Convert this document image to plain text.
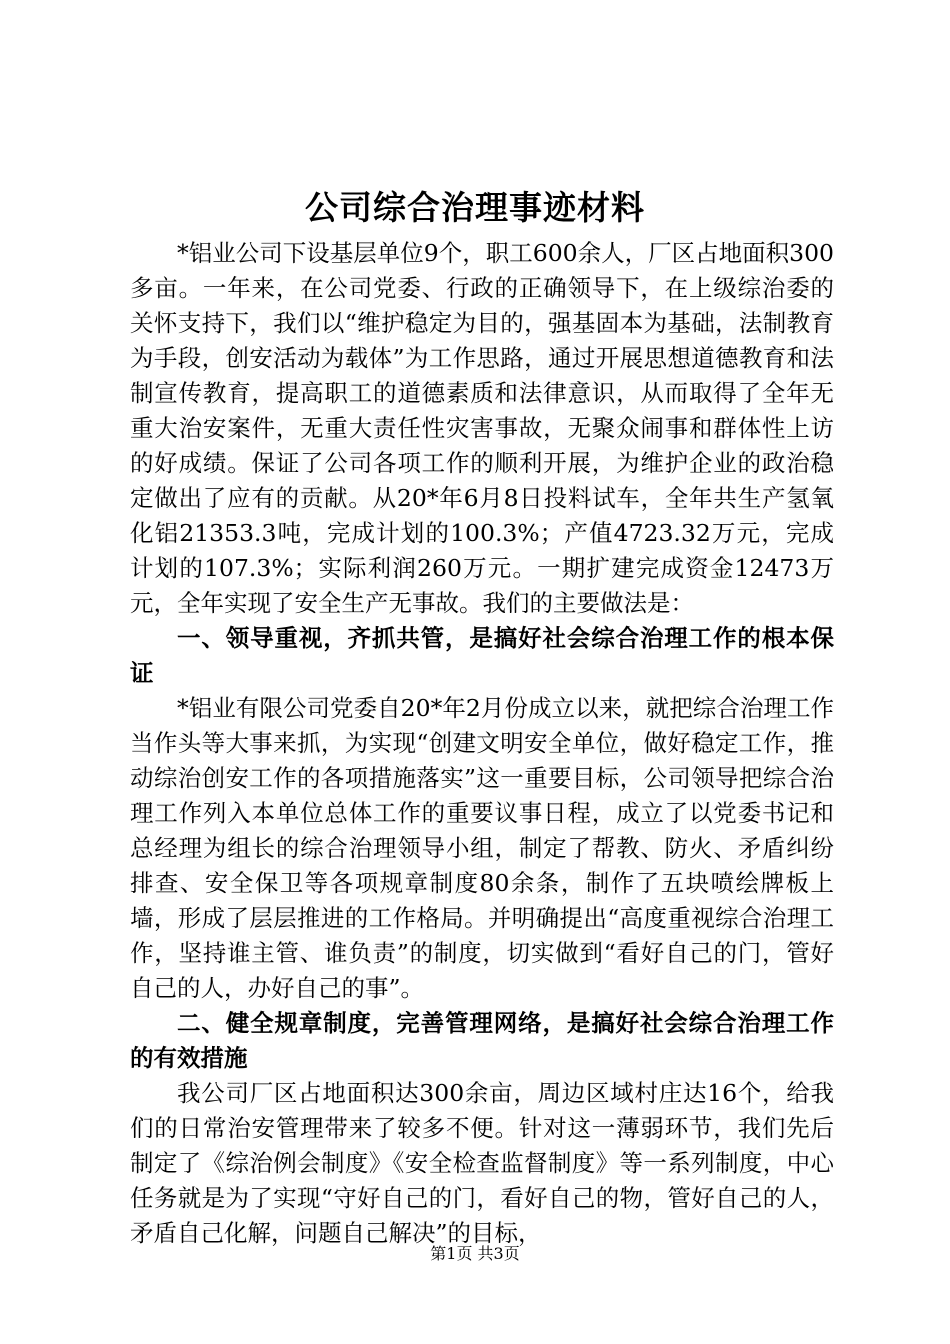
公司综合治理事迹材料

*铝业公司下设基层单位9个，职工600余人，厂区占地面积300多亩。一年来，在公司党委、行政的正确领导下，在上级综治委的关怀支持下，我们以“维护稳定为目的，强基固本为基础，法制教育为手段，创安活动为载体”为工作思路，通过开展思想道德教育和法制宣传教育，提高职工的道德素质和法律意识，从而取得了全年无重大治安案件，无重大责任性灾害事故，无聚众闹事和群体性上访的好成绩。保证了公司各项工作的顺利开展，为维护企业的政治稳定做出了应有的贡献。从20*年6月8日投料试车，全年共生产氢氧化铝21353.3吨，完成计划的100.3%；产值4723.32万元，完成计划的107.3%；实际利润260万元。一期扩建完成资金12473万元，全年实现了安全生产无事故。我们的主要做法是：

一、领导重视，齐抓共管，是搞好社会综合治理工作的根本保证

*铝业有限公司党委自20*年2月份成立以来，就把综合治理工作当作头等大事来抓，为实现“创建文明安全单位，做好稳定工作，推动综治创安工作的各项措施落实”这一重要目标，公司领导把综合治理工作列入本单位总体工作的重要议事日程，成立了以党委书记和总经理为组长的综合治理领导小组，制定了帮教、防火、矛盾纠纷排查、安全保卫等各项规章制度80余条，制作了五块喷绘牌板上墙，形成了层层推进的工作格局。并明确提出“高度重视综合治理工作，坚持谁主管、谁负责”的制度，切实做到“看好自己的门，管好自己的人，办好自己的事”。

二、健全规章制度，完善管理网络，是搞好社会综合治理工作的有效措施

我公司厂区占地面积达300余亩，周边区域村庄达16个，给我们的日常治安管理带来了较多不便。针对这一薄弱环节，我们先后制定了《综治例会制度》《安全检查监督制度》等一系列制度，中心任务就是为了实现“守好自己的门，看好自己的物，管好自己的人，矛盾自己化解，问题自己解决”的目标，

第1页 共3页
